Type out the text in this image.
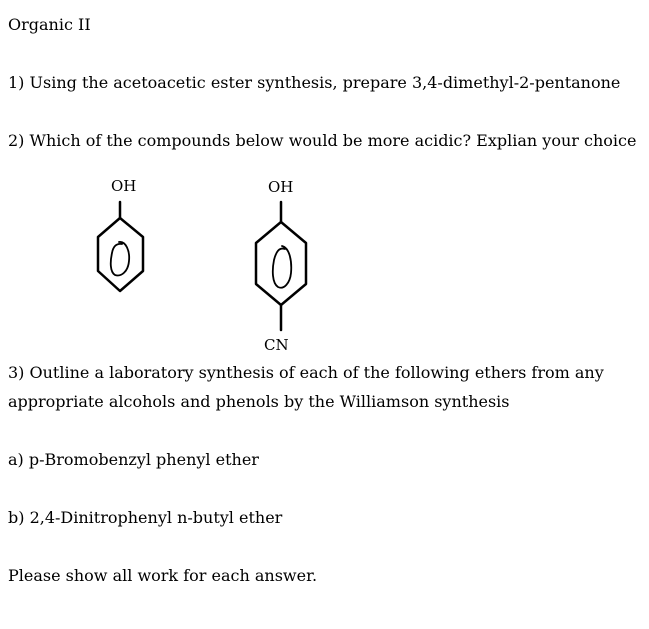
Organic II
1) Using the acetoacetic ester synthesis, prepare 3,4-dimethyl-2-pentanone
2) Which of the compounds below would be more acidic? Explian your choice
OH	OH
CN
3) Outline a laboratory synthesis of each of the following ethers from any
appropriate alcohols and phenols by the Williamson synthesis
a) p-Bromobenzyl phenyl ether
b) 2,4-Dinitrophenyl n-butyl ether
Please show all work for each answer.
